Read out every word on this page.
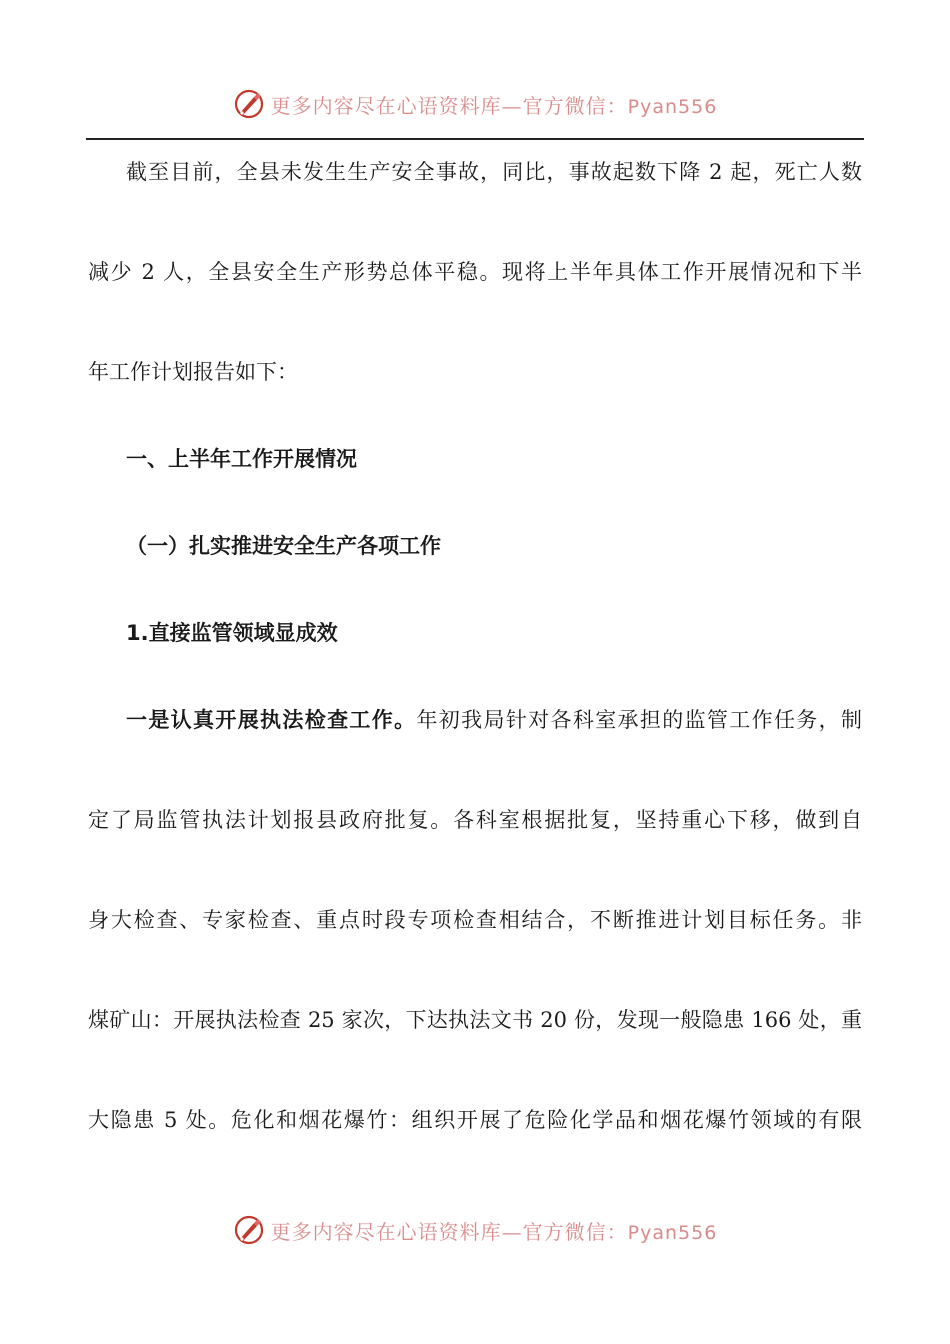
更多内容尽在心语资料库—官方微信：Pyan556
截至目前，全县未发生生产安全事故，同比，事故起数下降 2 起，死亡人数
减少 2 人，全县安全生产形势总体平稳。现将上半年具体工作开展情况和下半
年工作计划报告如下：
一、上半年工作开展情况
（一）扎实推进安全生产各项工作
1.直接监管领域显成效
一是认真开展执法检查工作。年初我局针对各科室承担的监管工作任务，制
定了局监管执法计划报县政府批复。各科室根据批复，坚持重心下移，做到自
身大检查、专家检查、重点时段专项检查相结合，不断推进计划目标任务。非
煤矿山：开展执法检查 25 家次，下达执法文书 20 份，发现一般隐患 166 处，重
大隐患 5 处。危化和烟花爆竹：组织开展了危险化学品和烟花爆竹领域的有限
更多内容尽在心语资料库—官方微信：Pyan556
